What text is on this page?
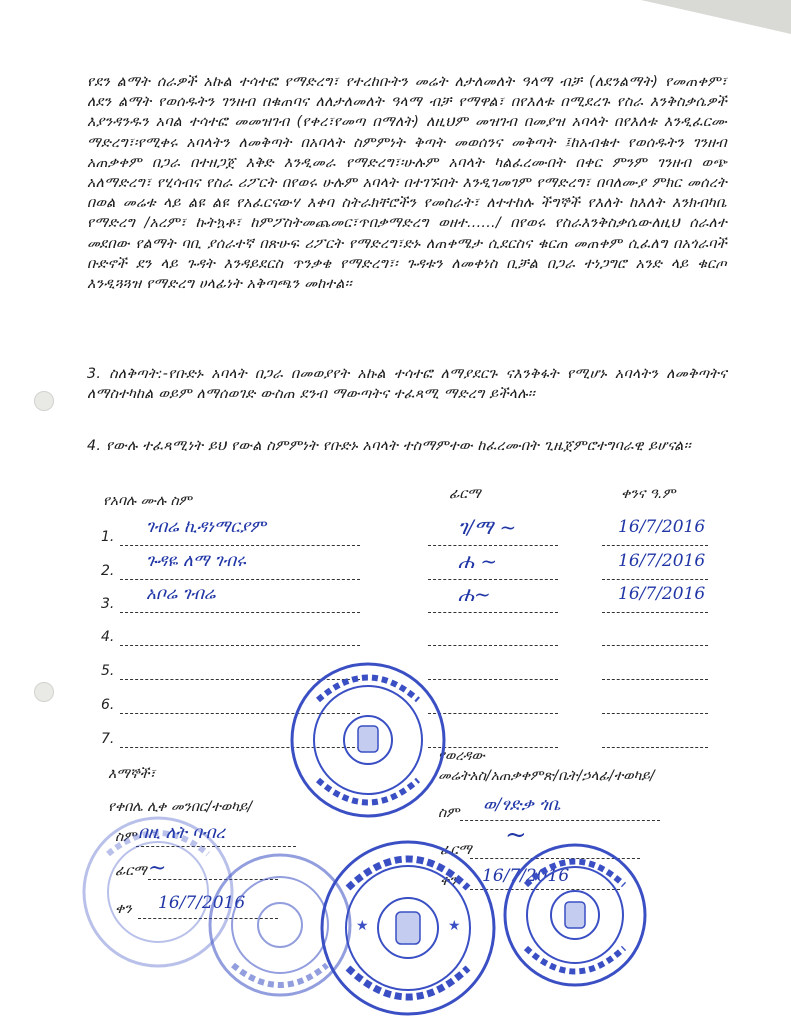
የደን ልማት ሰራዎች አኩል ተሳተፎ የማድረግ፣ የተረከቡትን መሬት ለታለመለት ዓላማ ብቻ (ለደንልማት) የመጠቀም፣ ለደን ልማት የወሰዱትን ገንዘብ በቁጠባና ለለታለመለት ዓላማ ብቻ የማዋል፣ በየእለቱ በሚደረጉ የስራ እንቅስቃሴዎች እያንዳንዱን አባል ተሳተፎ መመዝገብ (የቀረ፣የመጣ በማለት) ለዚህም መዝገብ በመያዝ አባላት በየእለቱ እንዲፈርሙ ማድረግ፣፡የሚቀሩ አባላትን ለመቅጣት በአባላት ስምምነት ቅጣት መወሰንና መቅጣት ፤ከአብቁተ የወሰዱትን ገንዘብ አጠቃቀም በጋራ በተዘጋጀ እቅድ እንዲመራ የማድረግ፣፡ሁሉም አባላት ካልፈረሙበት በቀር ምንም ገንዘብ ወጭ አለማድረግ፣ የሂሳብና የስራ ሪፖርት በየወሩ ሁሉም አባላት በተገኙበት እንዲገመገም የማድረግ፣ በባለሙያ ምክር መሰረት በወል መሬቱ ላይ ልዩ ልዩ የአፈርናውሃ እቀባ ስትራክቸሮችን የመስራት፣ ለተተከሉ ችግኞች የእለት ከእለት እንክብካቤ የማድረግ /አረም፣ ኩትኳቶ፣ ከምፖስትመጨመር፣ጥበቃማድረግ ወዘተ....../ በየወሩ የስራእንቅስቃሴውለዚህ ሰራለተ መደበው የልማት ባቢ ያሰራተኛ በጽሁፍ ሪፖርት የማድረግ፣ድኑ ለጠቀሜታ ሲደርስና ቁርጠ መጠቀም ሲፈለግ በአጎራባች ቡድኖች ደን ላይ ጉዳት እንዳይደርስ ጥንቃቄ የማድረግ፣፡ ጉዳቱን ለመቀነስ ቢቻል በጋራ ተነጋግሮ አንድ ላይ ቁርጦ እንዲጓጓዝ የማድረግ ሀላፊነት አቅጣጫን መከተል፡፡
3. ስለቅጣት:-የቡድኑ አባላት በጋራ በመወያየት አኩል ተሳተፎ ለማያደርጉ ናእንቅፋት የሚሆኑ አባላትን ለመቅጣትና ለማስተካከል ወይም ለማሰወገድ ውስጠ ደንብ ማውጣትና ተፈጻሚ ማድረግ ይችላሉ፡፡
4. የውሉ ተፈጻሚነት ይህ የውል ስምምነት የቡድኑ አባላት ተስማምተው ከፈረሙበት ጊዜጀምሮተግባራዊ ይሆናል፡፡
የአባሉ ሙሉ ስም	ፊርማ	ቀንና ዓ.ም
1. ገብሬ ኪዳነማርያም	ገ/ማ ~	16/7/2016
2. ጉዳዬ ለማ ገብሩ	ሐ ~	16/7/2016
3. አቦሬ ገብሬ	ሐ~	16/7/2016
4.
5.
6.
7.
እማኞች፣
የቀበሌ ሊቀ መንበር/ተወካይ/
ስም በዚ ለት ባብረ
ፊርማ ~
ቀን 16/7/2016
የወረዳው
መሬትአስ/አጠቃቀምጽ/ቤት/ኃላፊ/ተወካይ/
ስም ወ/ፃድቃ ጎቤ
ፊርማ ~
ቀን 16/7/2016
★	★
